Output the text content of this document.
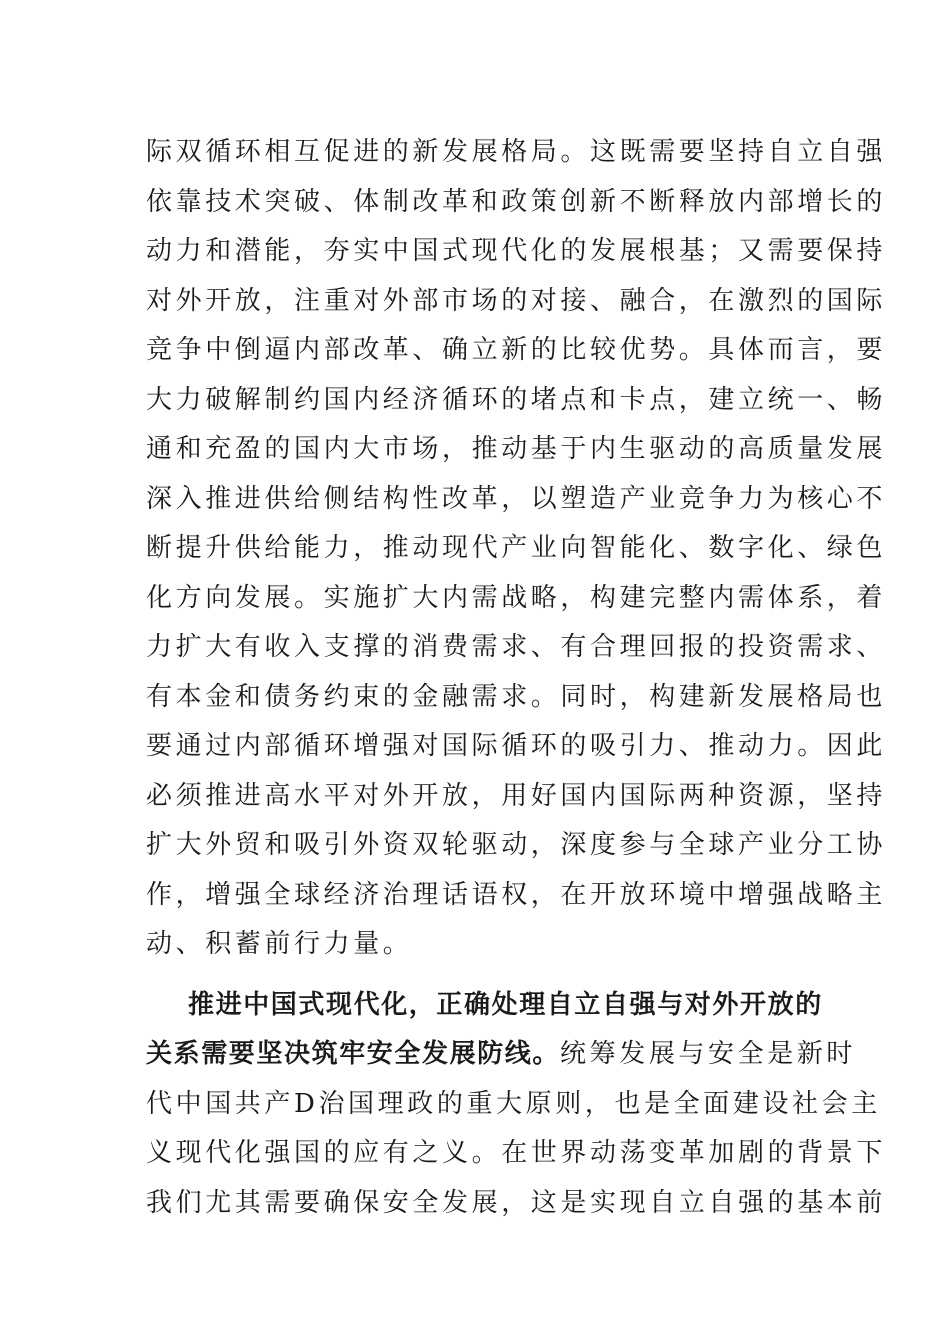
际双循环相互促进的新发展格局。这既需要坚持自立自强
依靠技术突破、体制改革和政策创新不断释放内部增长的
动力和潜能，夯实中国式现代化的发展根基；又需要保持
对外开放，注重对外部市场的对接、融合，在激烈的国际
竞争中倒逼内部改革、确立新的比较优势。具体而言，要
大力破解制约国内经济循环的堵点和卡点，建立统一、畅
通和充盈的国内大市场，推动基于内生驱动的高质量发展
深入推进供给侧结构性改革，以塑造产业竞争力为核心不
断提升供给能力，推动现代产业向智能化、数字化、绿色
化方向发展。实施扩大内需战略，构建完整内需体系，着
力扩大有收入支撑的消费需求、有合理回报的投资需求、
有本金和债务约束的金融需求。同时，构建新发展格局也
要通过内部循环增强对国际循环的吸引力、推动力。因此
必须推进高水平对外开放，用好国内国际两种资源，坚持
扩大外贸和吸引外资双轮驱动，深度参与全球产业分工协
作，增强全球经济治理话语权，在开放环境中增强战略主
动、积蓄前行力量。
推进中国式现代化，正确处理自立自强与对外开放的
关系需要坚决筑牢安全发展防线。统筹发展与安全是新时
代中国共产D治国理政的重大原则，也是全面建设社会主
义现代化强国的应有之义。在世界动荡变革加剧的背景下
我们尤其需要确保安全发展，这是实现自立自强的基本前
